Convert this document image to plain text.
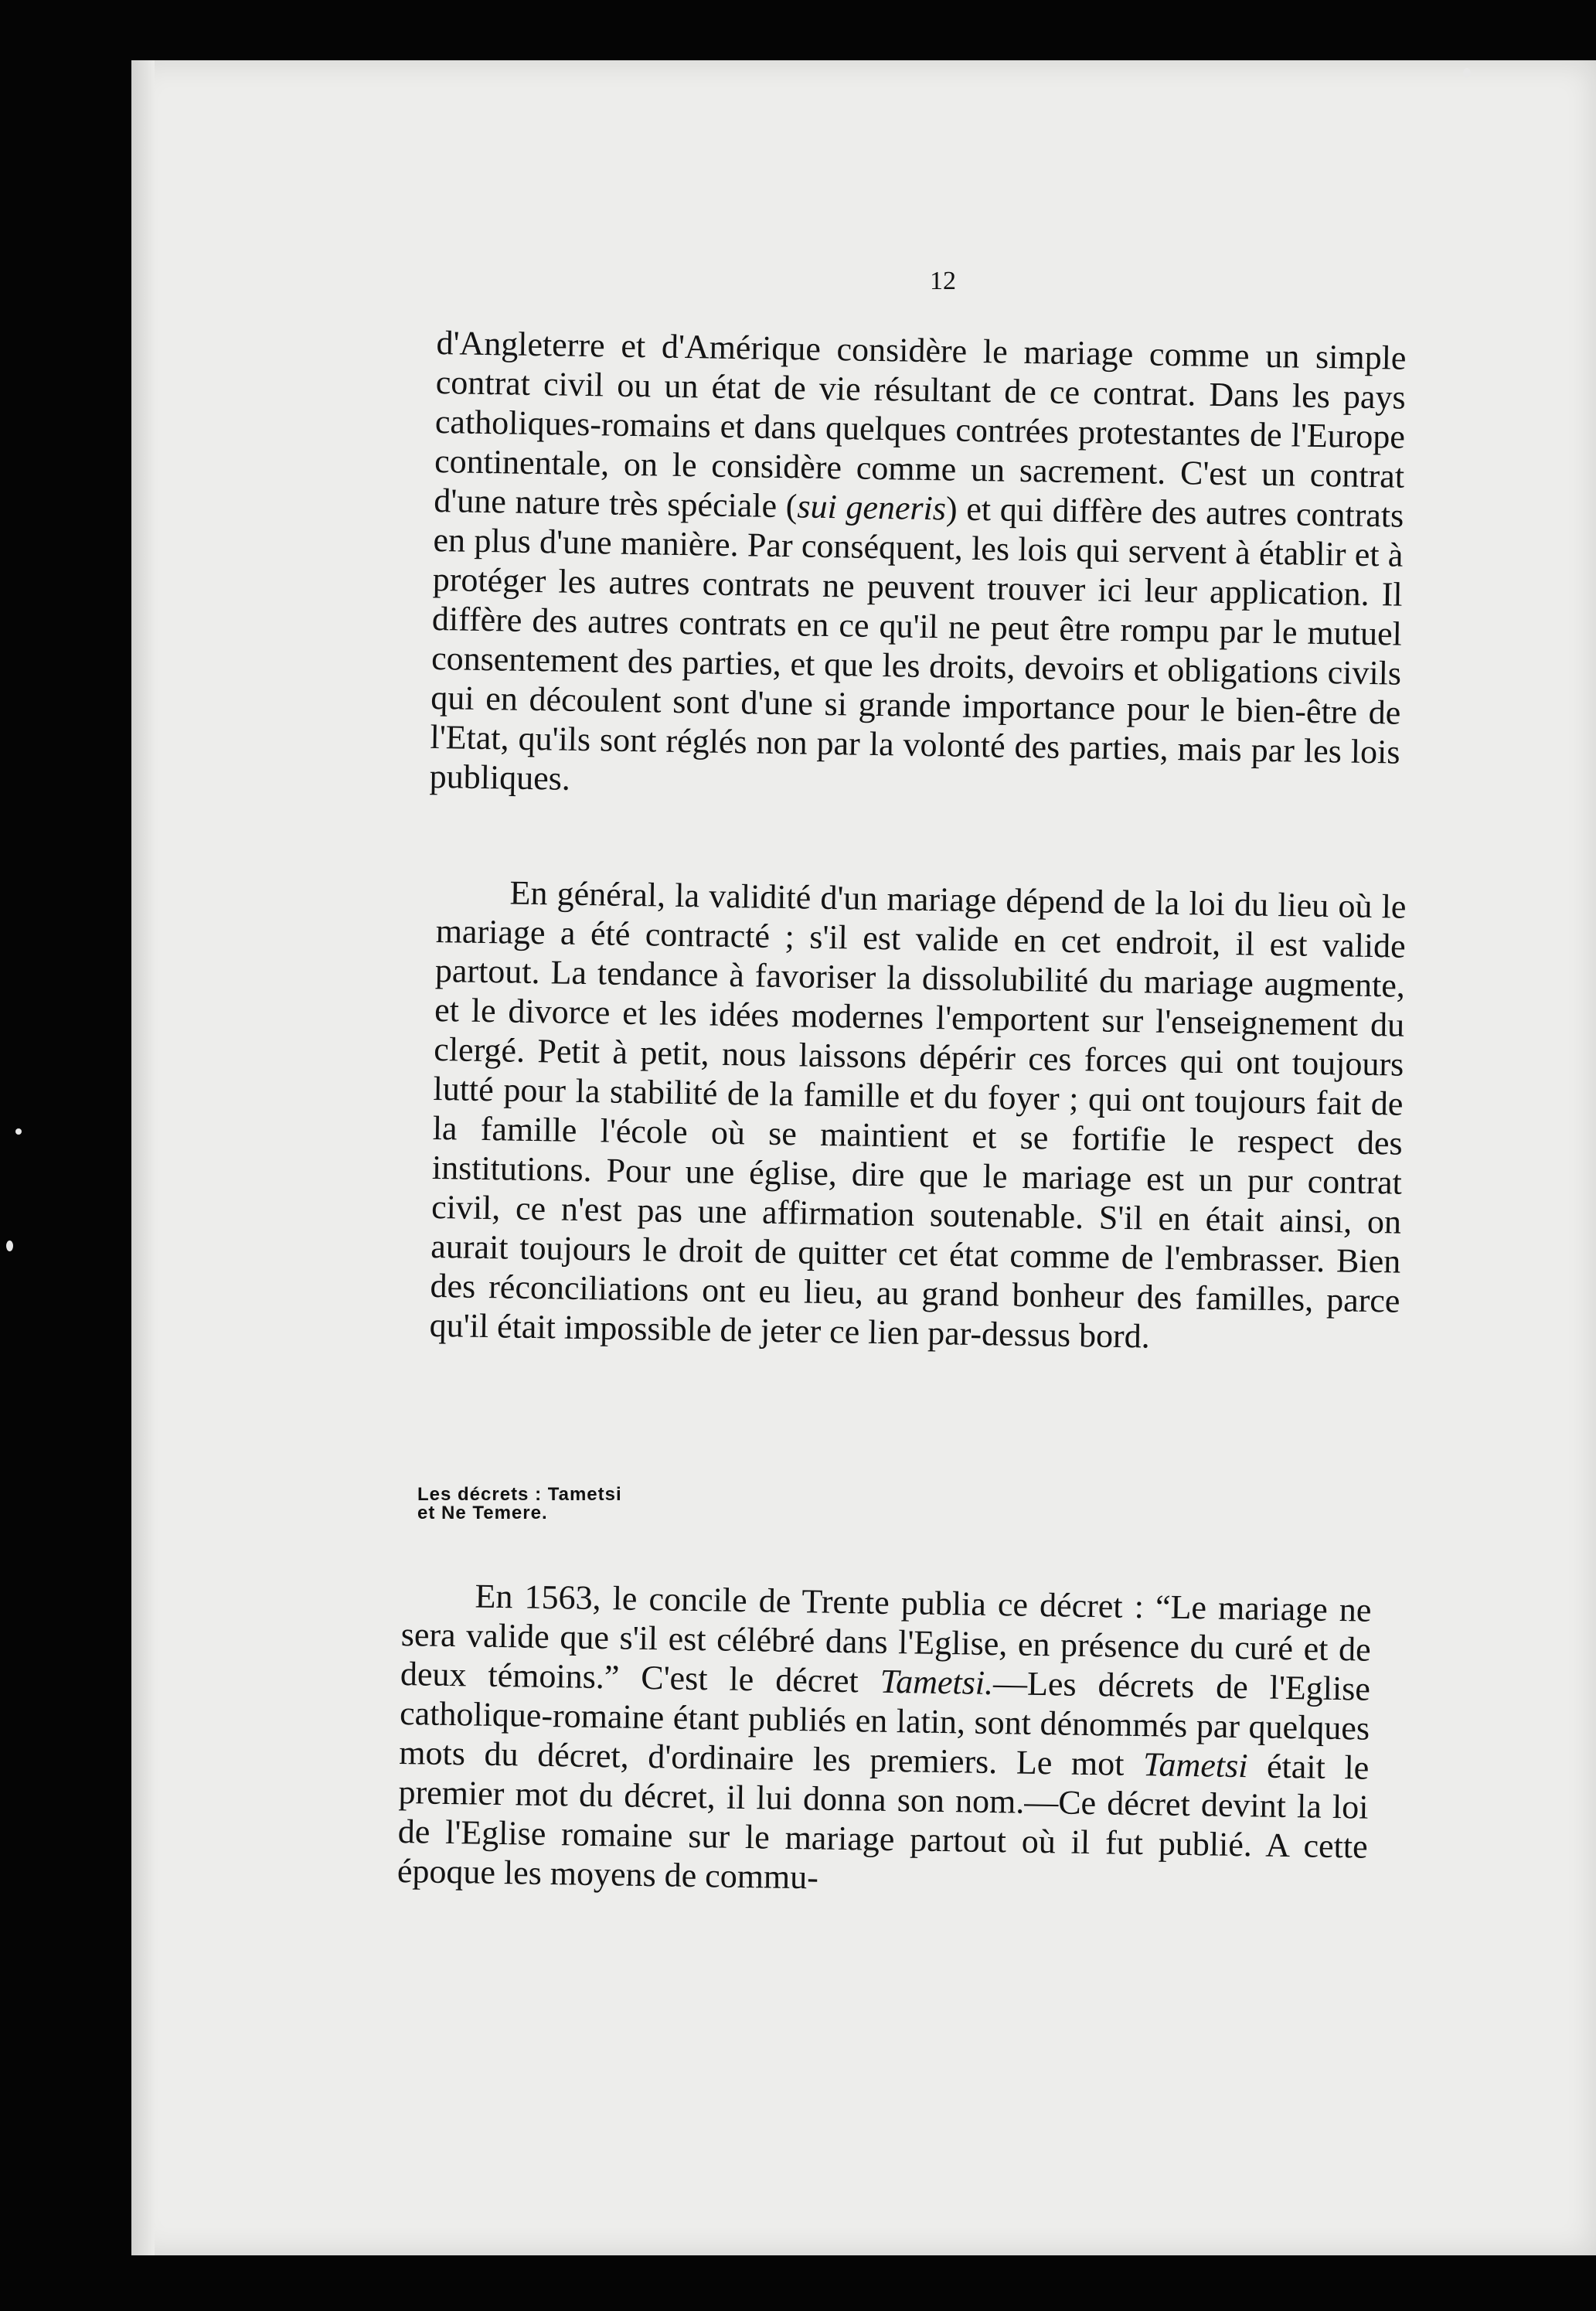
12

d'Angleterre et d'Amérique considère le mariage comme un simple contrat civil ou un état de vie résultant de ce contrat. Dans les pays catholiques-romains et dans quelques contrées protestantes de l'Europe continentale, on le considère comme un sacrement. C'est un contrat d'une nature très spéciale (sui generis) et qui diffère des autres contrats en plus d'une manière. Par conséquent, les lois qui servent à établir et à protéger les autres contrats ne peuvent trouver ici leur application. Il diffère des autres contrats en ce qu'il ne peut être rompu par le mutuel consentement des parties, et que les droits, devoirs et obligations civils qui en découlent sont d'une si grande importance pour le bien-être de l'Etat, qu'ils sont réglés non par la volonté des parties, mais par les lois publiques.

En général, la validité d'un mariage dépend de la loi du lieu où le mariage a été contracté ; s'il est valide en cet endroit, il est valide partout. La tendance à favoriser la dissolubilité du mariage augmente, et le divorce et les idées modernes l'emportent sur l'enseignement du clergé. Petit à petit, nous laissons dépérir ces forces qui ont toujours lutté pour la stabilité de la famille et du foyer ; qui ont toujours fait de la famille l'école où se maintient et se fortifie le respect des institutions. Pour une église, dire que le mariage est un pur contrat civil, ce n'est pas une affirmation soutenable. S'il en était ainsi, on aurait toujours le droit de quitter cet état comme de l'embrasser. Bien des réconciliations ont eu lieu, au grand bonheur des familles, parce qu'il était impossible de jeter ce lien par-dessus bord.

Les décrets : Tametsi
et Ne Temere.

En 1563, le concile de Trente publia ce décret : “Le mariage ne sera valide que s'il est célébré dans l'Eglise, en présence du curé et de deux témoins.” C'est le décret Tametsi.—Les décrets de l'Eglise catholique-romaine étant publiés en latin, sont dénommés par quelques mots du décret, d'ordinaire les premiers. Le mot Tametsi était le premier mot du décret, il lui donna son nom.—Ce décret devint la loi de l'Eglise romaine sur le mariage partout où il fut publié. A cette époque les moyens de commu-
